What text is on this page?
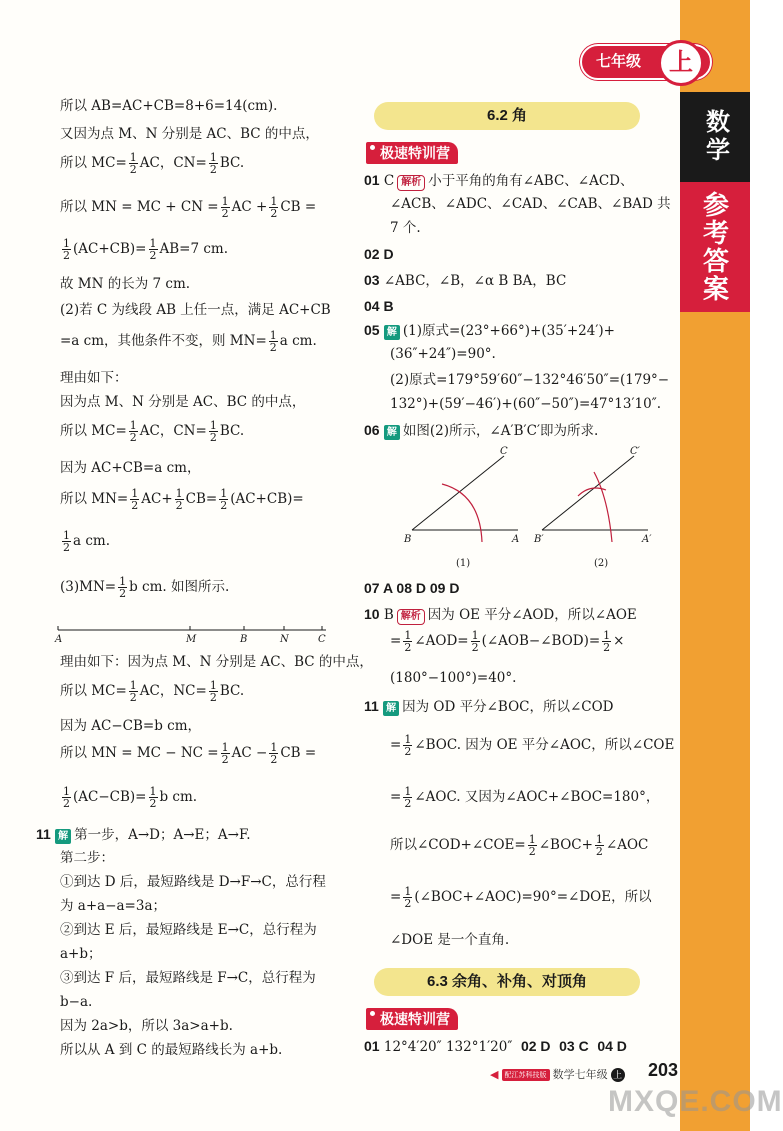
七年级	上
数学
参考答案
所以 AB=AC+CB=8+6=14(cm).
又因为点 M、N 分别是 AC、BC 的中点，
所以 $MC= \frac{1}{2}$ AC，$CN= \frac{1}{2}$ BC.
所以 MN = MC + CN = $\frac{1}{2}$ AC + $\frac{1}{2}$ CB =
$\frac{1}{2} (AC+CB)= \frac{1}{2} AB=7$ cm.
故 MN 的长为 7 cm.
(2)若 C 为线段 AB 上任一点，满足 AC+CB
=a cm，其他条件不变，则 $MN= \frac{1}{2}$ a cm.
理由如下：
因为点 M、N 分别是 AC、BC 的中点，
所以 $MC= \frac{1}{2}$ AC，$CN= \frac{1}{2}$ BC.
因为 AC+CB=a cm，
所以 $MN= \frac{1}{2} AC+ \frac{1}{2} CB= \frac{1}{2} (AC+CB)=$
$\frac{1}{2}$ a cm.
$(3)MN= \frac{1}{2}$ b cm. 如图所示.
A	M	B	N	C
理由如下：因为点 M、N 分别是 AC、BC 的中点，
所以 $MC= \frac{1}{2}$ AC，$NC= \frac{1}{2}$ BC.
因为 AC−CB=b cm，
所以 MN = MC − NC = $\frac{1}{2}$ AC − $\frac{1}{2}$ CB =
$\frac{1}{2} (AC-CB)= \frac{1}{2}$ b cm.
11 解 第一步，A→D；A→E；A→F.
第二步：
①到达 D 后，最短路线是 D→F→C，总行程
为 a+a−a=3a；
②到达 E 后，最短路线是 E→C，总行程为
a+b；
③到达 F 后，最短路线是 F→C，总行程为
b−a.
因为 2a>b，所以 3a>a+b.
所以从 A 到 C 的最短路线长为 a+b.
6.2 角
极速特训营
01 C 解析 小于平角的角有∠ABC、∠ACD、
∠ACB、∠ADC、∠CAD、∠CAB、∠BAD 共
7 个.
02 D
03 ∠ABC，∠B，∠α B BA，BC
04 B
05 解 (1)原式=(23°+66°)+(35′+24′)+
(36″+24″)=90°.
(2)原式=179°59′60″−132°46′50″=(179°−
132°)+(59′−46′)+(60″−50″)=47°13′10″.
06 解 如图(2)所示，∠A′B′C′即为所求.
C
B	A
(1)
C′
B′	A′
(2)
07 A 08 D 09 D
10 B 解析 因为 OE 平分∠AOD，所以∠AOE
= $\frac{1}{2}$ ∠AOD= $\frac{1}{2}$ (∠AOB−∠BOD)= $\frac{1}{2}$ ×
(180°−100°)=40°.
11 解 因为 OD 平分∠BOC，所以∠COD
= $\frac{1}{2}$ ∠BOC. 因为 OE 平分∠AOC，所以∠COE
= $\frac{1}{2}$ ∠AOC. 又因为∠AOC+∠BOC=180°，
所以∠COD+∠COE= $\frac{1}{2}$ ∠BOC+ $\frac{1}{2}$ ∠AOC
= $\frac{1}{2}$ (∠BOC+∠AOC)=90°=∠DOE，所以
∠DOE 是一个直角.
6.3 余角、补角、对顶角
极速特训营
01 12°4′20″ 132°1′20″ 02 D 03 C 04 D
◀ 配江苏科技版 数学七年级 上 203
MXQE.COM
